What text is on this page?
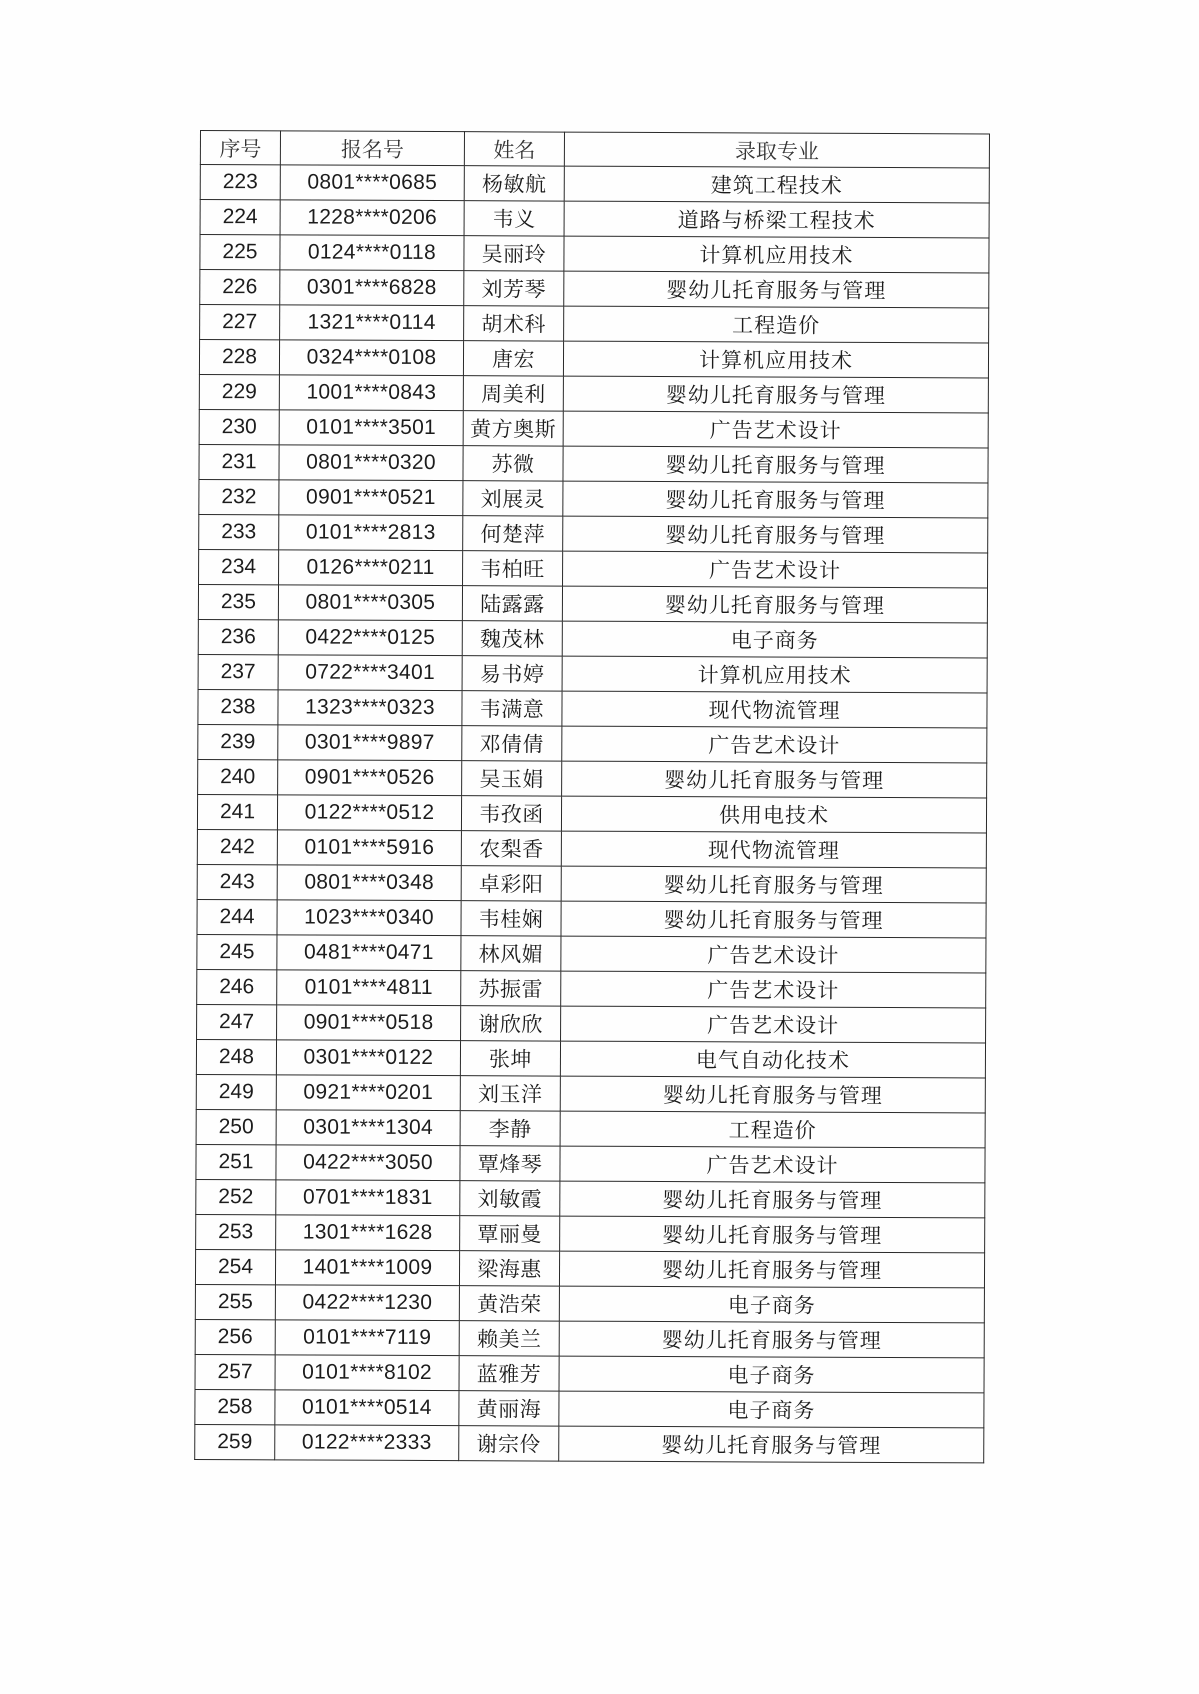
序号	报名号	姓名	录取专业
223	0801****0685	杨敏航	建筑工程技术
224	1228****0206	韦义	道路与桥梁工程技术
225	0124****0118	吴丽玲	计算机应用技术
226	0301****6828	刘芳琴	婴幼儿托育服务与管理
227	1321****0114	胡术科	工程造价
228	0324****0108	唐宏	计算机应用技术
229	1001****0843	周美利	婴幼儿托育服务与管理
230	0101****3501	黄方奥斯	广告艺术设计
231	0801****0320	苏微	婴幼儿托育服务与管理
232	0901****0521	刘展灵	婴幼儿托育服务与管理
233	0101****2813	何楚萍	婴幼儿托育服务与管理
234	0126****0211	韦柏旺	广告艺术设计
235	0801****0305	陆露露	婴幼儿托育服务与管理
236	0422****0125	魏茂林	电子商务
237	0722****3401	易书婷	计算机应用技术
238	1323****0323	韦满意	现代物流管理
239	0301****9897	邓倩倩	广告艺术设计
240	0901****0526	吴玉娟	婴幼儿托育服务与管理
241	0122****0512	韦孜函	供用电技术
242	0101****5916	农梨香	现代物流管理
243	0801****0348	卓彩阳	婴幼儿托育服务与管理
244	1023****0340	韦桂娴	婴幼儿托育服务与管理
245	0481****0471	林风媚	广告艺术设计
246	0101****4811	苏振雷	广告艺术设计
247	0901****0518	谢欣欣	广告艺术设计
248	0301****0122	张坤	电气自动化技术
249	0921****0201	刘玉洋	婴幼儿托育服务与管理
250	0301****1304	李静	工程造价
251	0422****3050	覃烽琴	广告艺术设计
252	0701****1831	刘敏霞	婴幼儿托育服务与管理
253	1301****1628	覃丽曼	婴幼儿托育服务与管理
254	1401****1009	梁海惠	婴幼儿托育服务与管理
255	0422****1230	黄浩荣	电子商务
256	0101****7119	赖美兰	婴幼儿托育服务与管理
257	0101****8102	蓝雅芳	电子商务
258	0101****0514	黄丽海	电子商务
259	0122****2333	谢宗伶	婴幼儿托育服务与管理
